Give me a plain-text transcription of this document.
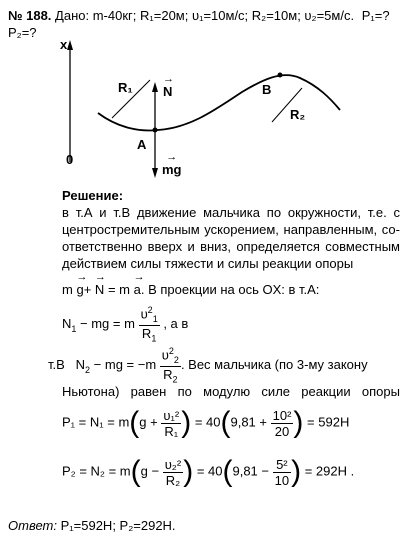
№ 188. Дано: m-40кг; R₁=20м; υ₁=10м/с; R₂=10м; υ₂=5м/с. P₁=?
P₂=?
x
0
R₁ → N
A
B
R₂
→ mg
Решение:
в т.А и т.В движение мальчика по окружности, т.е. с
центростремительным ускорением, направленным, со-
ответственно вверх и вниз, определяется совместным
действием силы тяжести и силы реакции опоры
m → g+ → N = m → a. В проекции на ось OX: в т.А:
$N_1$ − mg = m $\frac{\upsilon^2_1}{R_1}$ , а в
т.В $N_2$ − mg = $-m \frac{\upsilon^2_2}{R_2}$ . Вес мальчика (по 3-му закону
Ньютона) равен по модулю силе реакции опоры
$P_1 = N_1 = m(g + \frac{\text{υ₁²}}{\text{R₁}}$ ) = $40(9,81 + \frac{\text{10²}}{20}$ ) = 592H
$P_2 = N_2 = m(g - \frac{\text{υ₂²}}{\text{R₂}}$ ) = $40(9,81 - \frac{\text{5²}}{10}$ ) = 292H .
Ответ: P₁=592Н; P₂=292Н.
